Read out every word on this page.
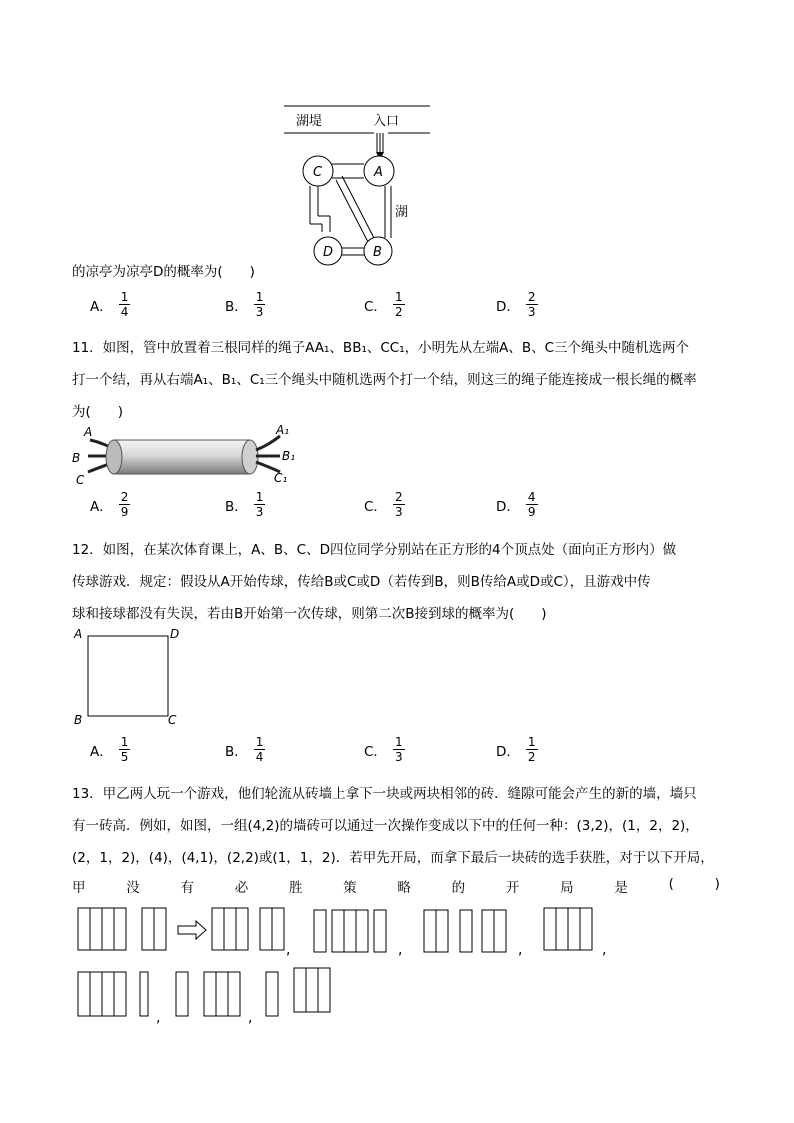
湖堤	入口
C	A
D	B
湖
的凉亭为凉亭D的概率为(　　)
A． $\frac{1}{4}$	B． $\frac{1}{3}$	C． $\frac{1}{2}$	D． $\frac{2}{3}$
11．如图，管中放置着三根同样的绳子AA₁、BB₁、CC₁，小明先从左端A、B、C三个绳头中随机选两个
打一个结，再从右端A₁、B₁、C₁三个绳头中随机选两个打一个结，则这三的绳子能连接成一根长绳的概率
为(　　)
A
B
C
A₁
B₁
C₁
A． $\frac{2}{9}$	B． $\frac{1}{3}$	C． $\frac{2}{3}$	D． $\frac{4}{9}$
12．如图，在某次体育课上，A、B、C、D四位同学分别站在正方形的4个顶点处（面向正方形内）做
传球游戏．规定：假设从A开始传球，传给B或C或D（若传到B，则B传给A或D或C），且游戏中传
球和接球都没有失误，若由B开始第一次传球，则第二次B接到球的概率为(　　)
A	D
B	C
A． $\frac{1}{5}$	B． $\frac{1}{4}$	C． $\frac{1}{3}$	D． $\frac{1}{2}$
13．甲乙两人玩一个游戏，他们轮流从砖墙上拿下一块或两块相邻的砖．缝隙可能会产生的新的墙，墙只
有一砖高．例如，如图，一组(4,2)的墙砖可以通过一次操作变成以下中的任何一种：(3,2)，(1，2，2)，
(2，1，2)，(4)，(4,1)，(2,2)或(1，1，2)．若甲先开局，而拿下最后一块砖的选手获胜，对于以下开局，
甲	没	有	必	胜	策	略	的	开	局	是	(	)
,	,	,	,
,	,
